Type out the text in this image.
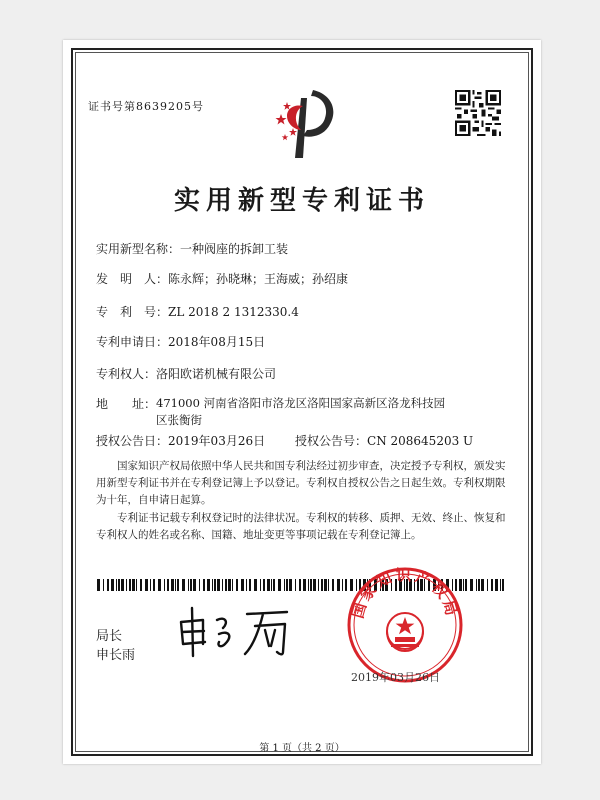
证书号第8639205号
实用新型专利证书
实用新型名称：一种阀座的拆卸工装
发　明　人：陈永辉；孙晓琳；王海威；孙绍康
专　利　号：ZL 2018 2 1312330.4
专利申请日：2018年08月15日
专利权人：洛阳欧诺机械有限公司
地　　址：471000 河南省洛阳市洛龙区洛阳国家高新区洛龙科技园
区张衡街
授权公告日：2019年03月26日 授权公告号：CN 208645203 U
国家知识产权局依照中华人民共和国专利法经过初步审查，决定授予专利权，颁发实用新型专利证书并在专利登记簿上予以登记。专利权自授权公告之日起生效。专利权期限为十年，自申请日起算。
专利证书记载专利权登记时的法律状况。专利权的转移、质押、无效、终止、恢复和专利权人的姓名或名称、国籍、地址变更等事项记载在专利登记簿上。
局长
申长雨
国家知识产权局
2019年03月26日
第 1 页（共 2 页）
